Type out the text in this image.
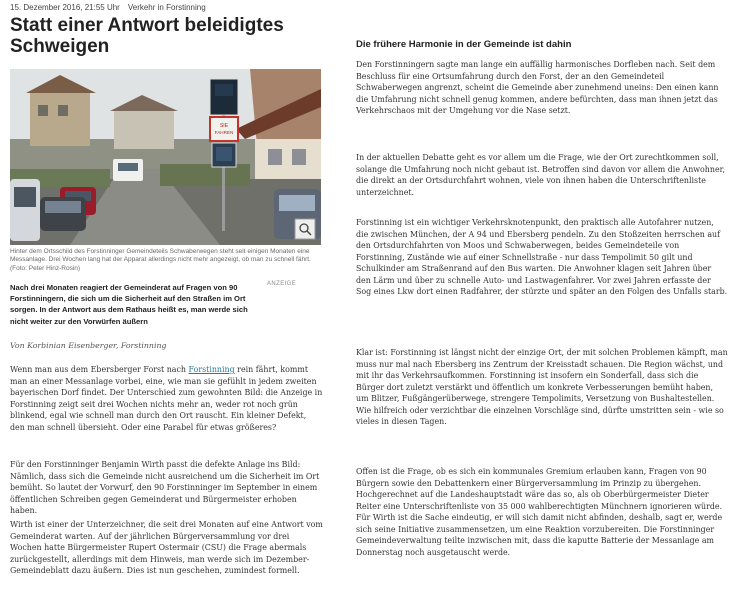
15. Dezember 2016, 21:55 Uhr Verkehr in Forstinning
Statt einer Antwort beleidigtes Schweigen
SIE
FAHREN
Hinter dem Ortsschild des Forstinninger Gemeindeteils Schwaberwegen steht seit einigen Monaten eine Messanlage. Drei Wochen lang hat der Apparat allerdings nicht mehr angezeigt, ob man zu schnell fährt. (Foto: Peter Hinz-Rosin)
Nach drei Monaten reagiert der Gemeinderat auf Fragen von 90 Forstinningern, die sich um die Sicherheit auf den Straßen im Ort sorgen. In der Antwort aus dem Rathaus heißt es, man werde sich nicht weiter zur den Vorwürfen äußern
ANZEIGE
Von Korbinian Eisenberger, Forstinning

Wenn man aus dem Ebersberger Forst nach Forstinning rein fährt, kommt man an einer Messanlage vorbei, eine, wie man sie gefühlt in jedem zweiten bayerischen Dorf findet. Der Unterschied zum gewohnten Bild: die Anzeige in Forstinning zeigt seit drei Wochen nichts mehr an, weder rot noch grün blinkend, egal wie schnell man durch den Ort rauscht. Ein kleiner Defekt, den man schnell übersieht. Oder eine Parabel für etwas größeres?

Für den Forstinninger Benjamin Wirth passt die defekte Anlage ins Bild: Nämlich, dass sich die Gemeinde nicht ausreichend um die Sicherheit im Ort bemüht. So lautet der Vorwurf, den 90 Forstinninger im September in einem öffentlichen Schreiben gegen Gemeinderat und Bürgermeister erhoben haben.

Wirth ist einer der Unterzeichner, die seit drei Monaten auf eine Antwort vom Gemeinderat warten. Auf der jährlichen Bürgerversammlung vor drei Wochen hatte Bürgermeister Rupert Ostermair (CSU) die Frage abermals zurückgestellt, allerdings mit dem Hinweis, man werde sich im Dezember-Gemeindeblatt dazu äußern. Dies ist nun geschehen, zumindest formell.

Die frühere Harmonie in der Gemeinde ist dahin

Den Forstinningern sagte man lange ein auffällig harmonisches Dorfleben nach. Seit dem Beschluss für eine Ortsumfahrung durch den Forst, der an den Gemeindeteil Schwaberwegen angrenzt, scheint die Gemeinde aber zunehmend uneins: Den einen kann die Umfahrung nicht schnell genug kommen, andere befürchten, dass man ihnen jetzt das Verkehrschaos mit der Umgehung vor die Nase setzt.

In der aktuellen Debatte geht es vor allem um die Frage, wie der Ort zurechtkommen soll, solange die Umfahrung noch nicht gebaut ist. Betroffen sind davon vor allem die Anwohner, die direkt an der Ortsdurchfahrt wohnen, viele von ihnen haben die Unterschriftenliste unterzeichnet.

Forstinning ist ein wichtiger Verkehrsknotenpunkt, den praktisch alle Autofahrer nutzen, die zwischen München, der A 94 und Ebersberg pendeln. Zu den Stoßzeiten herrschen auf den Ortsdurchfahrten von Moos und Schwaberwegen, beides Gemeindeteile von Forstinning, Zustände wie auf einer Schnellstraße - nur dass Tempolimit 50 gilt und Schulkinder am Straßenrand auf den Bus warten. Die Anwohner klagen seit Jahren über den Lärm und über zu schnelle Auto- und Lastwagenfahrer. Vor zwei Jahren erfasste der Sog eines Lkw dort einen Radfahrer, der stürzte und später an den Folgen des Unfalls starb.

Klar ist: Forstinning ist längst nicht der einzige Ort, der mit solchen Problemen kämpft, man muss nur mal nach Ebersberg ins Zentrum der Kreisstadt schauen. Die Region wächst, und mit ihr das Verkehrsaufkommen. Forstinning ist insofern ein Sonderfall, dass sich die Bürger dort zuletzt verstärkt und öffentlich um konkrete Verbesserungen bemüht haben, um Blitzer, Fußgängerüberwege, strengere Tempolimits, Versetzung von Bushaltestellen. Wie hilfreich oder verzichtbar die einzelnen Vorschläge sind, dürfte umstritten sein - wie so vieles in diesen Tagen.

Offen ist die Frage, ob es sich ein kommunales Gremium erlauben kann, Fragen von 90 Bürgern sowie den Debattenkern einer Bürgerversammlung im Prinzip zu übergehen. Hochgerechnet auf die Landeshauptstadt wäre das so, als ob Oberbürgermeister Dieter Reiter eine Unterschriftenliste von 35 000 wahlberechtigten Münchnern ignorieren würde. Für Wirth ist die Sache eindeutig, er will sich damit nicht abfinden, deshalb, sagt er, werde sich seine Initiative zusammensetzen, um eine Reaktion vorzubereiten. Die Forstinninger Gemeindeverwaltung teilte inzwischen mit, dass die kaputte Batterie der Messanlage am Donnerstag noch ausgetauscht werde.
